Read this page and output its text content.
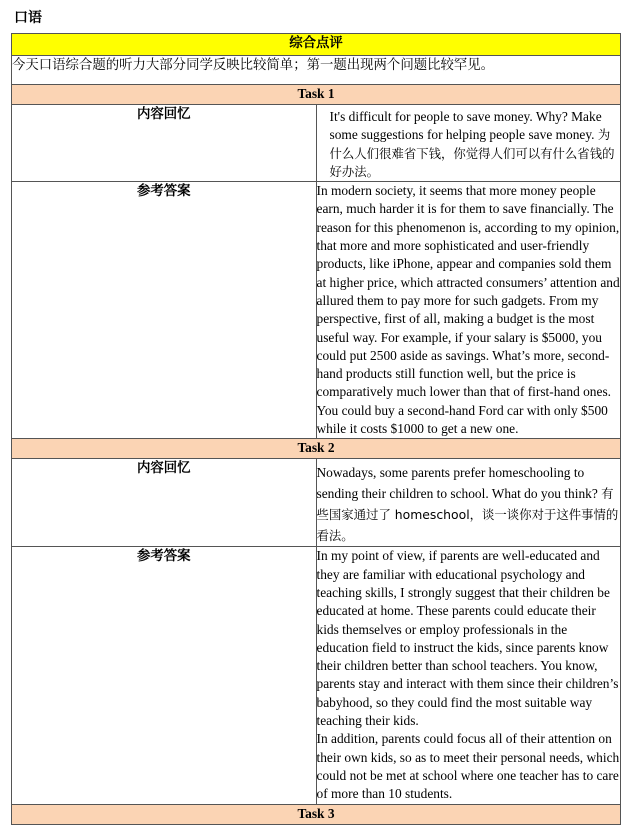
口语
综合点评	
今天口语综合题的听力大部分同学反映比较简单；第一题出现两个问题比较罕见。	
Task 1	
内容回忆	It's difficult for people to save money. Why? Make some suggestions for helping people save money. 为什么人们很难省下钱，你觉得人们可以有什么省钱的好办法。
参考答案	In modern society, it seems that more money people earn, much harder it is for them to save financially. The reason for this phenomenon is, according to my opinion, that more and more sophisticated and user-friendly products, like iPhone, appear and companies sold them at higher price, which attracted consumers’ attention and allured them to pay more for such gadgets. From my perspective, first of all, making a budget is the most useful way. For example, if your salary is $5000, you could put 2500 aside as savings. What’s more, second-hand products still function well, but the price is comparatively much lower than that of first-hand ones. You could buy a second-hand Ford car with only $500 while it costs $1000 to get a new one.
Task 2	
内容回忆	Nowadays, some parents prefer homeschooling to sending their children to school. What do you think? 有些国家通过了 homeschool，谈一谈你对于这件事情的看法。
参考答案	In my point of view, if parents are well-educated and they are familiar with educational psychology and teaching skills, I strongly suggest that their children be educated at home. These parents could educate their kids themselves or employ professionals in the education field to instruct the kids, since parents know their children better than school teachers. You know, parents stay and interact with them since their children’s babyhood, so they could find the most suitable way teaching their kids.
In addition, parents could focus all of their attention on their own kids, so as to meet their personal needs, which could not be met at school where one teacher has to care of more than 10 students.

Task 3	
